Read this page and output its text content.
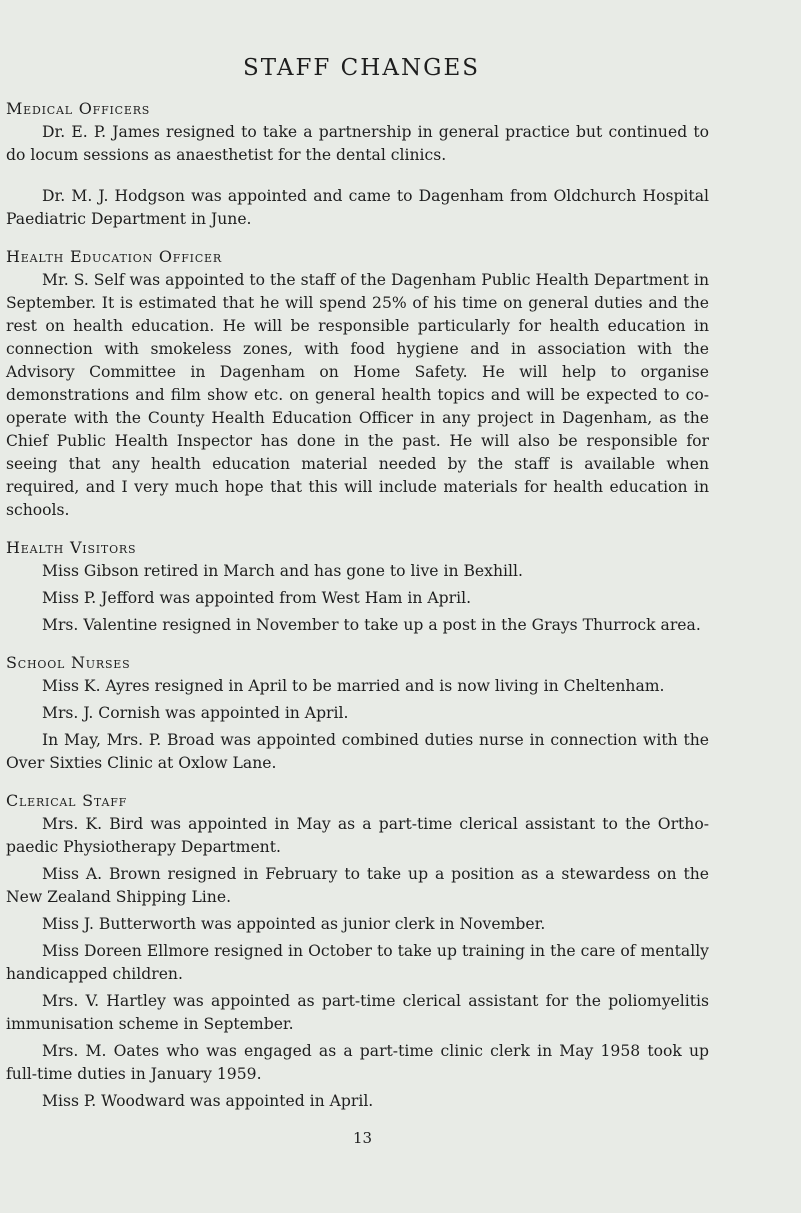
STAFF CHANGES
Medical Officers

Dr. E. P. James resigned to take a partnership in general practice but continued to do locum sessions as anaesthetist for the dental clinics.

Dr. M. J. Hodgson was appointed and came to Dagenham from Oldchurch Hospital Paediatric Department in June.

Health Education Officer

Mr. S. Self was appointed to the staff of the Dagenham Public Health Department in September. It is estimated that he will spend 25% of his time on general duties and the rest on health education. He will be responsible particularly for health education in connection with smokeless zones, with food hygiene and in association with the Advisory Committee in Dagenham on Home Safety. He will help to organise demonstrations and film show etc. on general health topics and will be expected to co-operate with the County Health Education Officer in any project in Dagenham, as the Chief Public Health Inspector has done in the past. He will also be responsible for seeing that any health education material needed by the staff is available when required, and I very much hope that this will include materials for health education in schools.

Health Visitors

Miss Gibson retired in March and has gone to live in Bexhill.

Miss P. Jefford was appointed from West Ham in April.

Mrs. Valentine resigned in November to take up a post in the Grays Thurrock area.

School Nurses

Miss K. Ayres resigned in April to be married and is now living in Cheltenham.

Mrs. J. Cornish was appointed in April.

In May, Mrs. P. Broad was appointed combined duties nurse in connection with the Over Sixties Clinic at Oxlow Lane.

Clerical Staff

Mrs. K. Bird was appointed in May as a part-time clerical assistant to the Ortho-paedic Physiotherapy Department.

Miss A. Brown resigned in February to take up a position as a stewardess on the New Zealand Shipping Line.

Miss J. Butterworth was appointed as junior clerk in November.

Miss Doreen Ellmore resigned in October to take up training in the care of mentally handicapped children.

Mrs. V. Hartley was appointed as part-time clerical assistant for the poliomyelitis immunisation scheme in September.

Mrs. M. Oates who was engaged as a part-time clinic clerk in May 1958 took up full-time duties in January 1959.

Miss P. Woodward was appointed in April.

13
